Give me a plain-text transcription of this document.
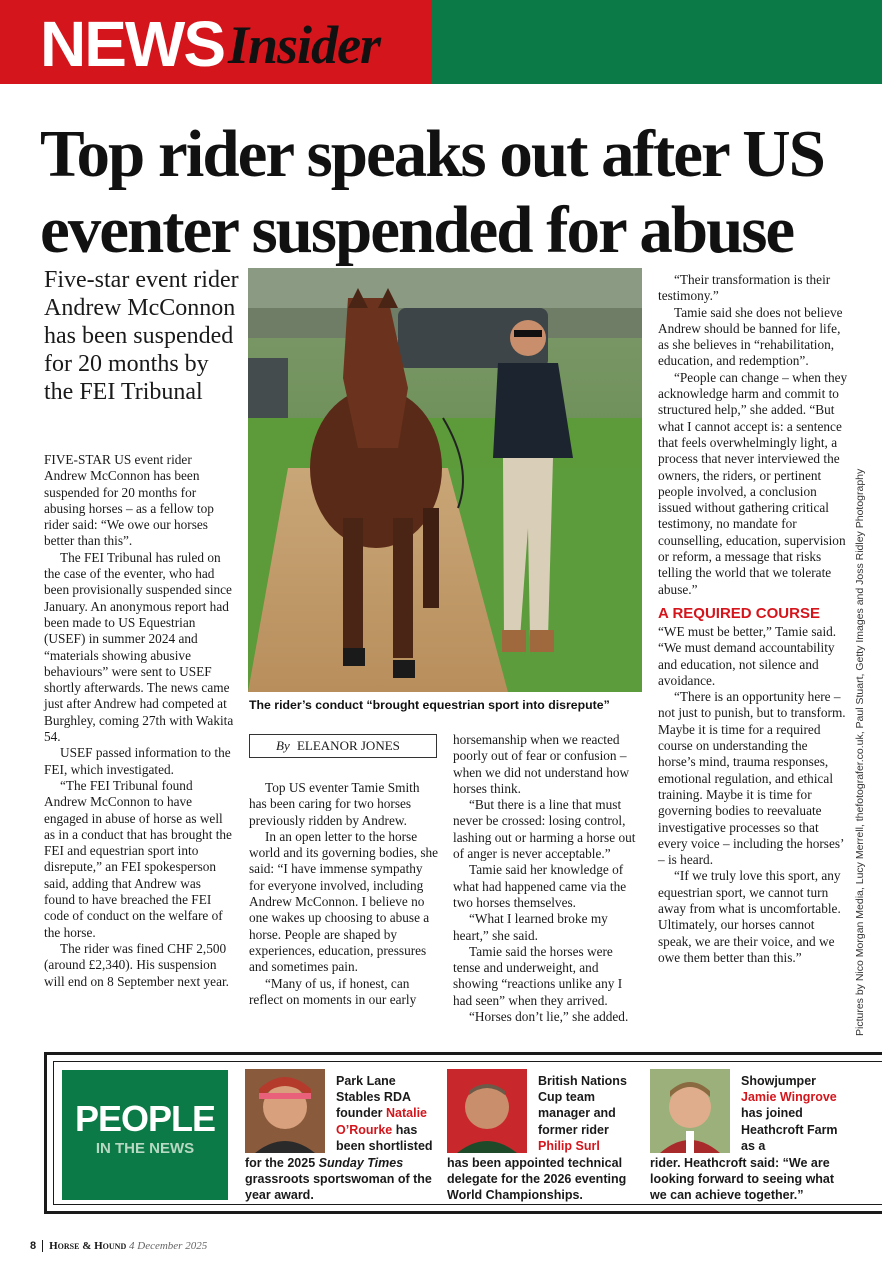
NEWS Insider
Top rider speaks out after US eventer suspended for abuse
Five-star event rider Andrew McConnon has been suspended for 20 months by the FEI Tribunal

FIVE-STAR US event rider Andrew McConnon has been suspended for 20 months for abusing horses – as a fellow top rider said: “We owe our horses better than this”.

The FEI Tribunal has ruled on the case of the eventer, who had been provisionally suspended since January. An anonymous report had been made to US Equestrian (USEF) in summer 2024 and “materials showing abusive behaviours” were sent to USEF shortly afterwards. The news came just after Andrew had competed at Burghley, coming 27th with Wakita 54.

USEF passed information to the FEI, which investigated.

“The FEI Tribunal found Andrew McConnon to have engaged in abuse of horse as well as in a conduct that has brought the FEI and equestrian sport into disrepute,” an FEI spokesperson said, adding that Andrew was found to have breached the FEI code of conduct on the welfare of the horse.

The rider was fined CHF 2,500 (around £2,340). His suspension will end on 8 September next year.

The rider’s conduct “brought equestrian sport into disrepute”
By ELEANOR JONES

Top US eventer Tamie Smith has been caring for two horses previously ridden by Andrew.

In an open letter to the horse world and its governing bodies, she said: “I have immense sympathy for everyone involved, including Andrew McConnon. I believe no one wakes up choosing to abuse a horse. People are shaped by experiences, education, pressures and sometimes pain.

“Many of us, if honest, can reflect on moments in our early

horsemanship when we reacted poorly out of fear or confusion – when we did not understand how horses think.

“But there is a line that must never be crossed: losing control, lashing out or harming a horse out of anger is never acceptable.”

Tamie said her knowledge of what had happened came via the two horses themselves.

“What I learned broke my heart,” she said.

Tamie said the horses were tense and underweight, and showing “reactions unlike any I had seen” when they arrived.

“Horses don’t lie,” she added.

“Their transformation is their testimony.”

Tamie said she does not believe Andrew should be banned for life, as she believes in “rehabilitation, education, and redemption”.

“People can change – when they acknowledge harm and commit to structured help,” she added. “But what I cannot accept is: a sentence that feels overwhelmingly light, a process that never interviewed the owners, the riders, or pertinent people involved, a conclusion issued without gathering critical testimony, no mandate for counselling, education, supervision or reform, a message that risks telling the world that we tolerate abuse.”

A REQUIRED COURSE

“WE must be better,” Tamie said. “We must demand accountability and education, not silence and avoidance.

“There is an opportunity here – not just to punish, but to transform. Maybe it is time for a required course on understanding the horse’s mind, trauma responses, emotional regulation, and ethical training. Maybe it is time for governing bodies to reevaluate investigative processes so that every voice – including the horses’ – is heard.

“If we truly love this sport, any equestrian sport, we cannot turn away from what is uncomfortable. Ultimately, our horses cannot speak, we are their voice, and we owe them better than this.”	Pictures by Nico Morgan Media, Lucy Merrell, thefotografer.co.uk, Paul Stuart, Getty Images and Joss Ridley Photography
PEOPLE
IN THE NEWS
Park Lane Stables RDA founder Natalie O’Rourke has been shortlisted
for the 2025 Sunday Times grassroots sportswoman of the year award.
British Nations Cup team manager and former rider Philip Surl
has been appointed technical delegate for the 2026 eventing World Championships.
Showjumper Jamie Wingrove has joined Heathcroft Farm as a
rider. Heathcroft said: “We are looking forward to seeing what we can achieve together.”
8 Horse & Hound 4 December 2025
